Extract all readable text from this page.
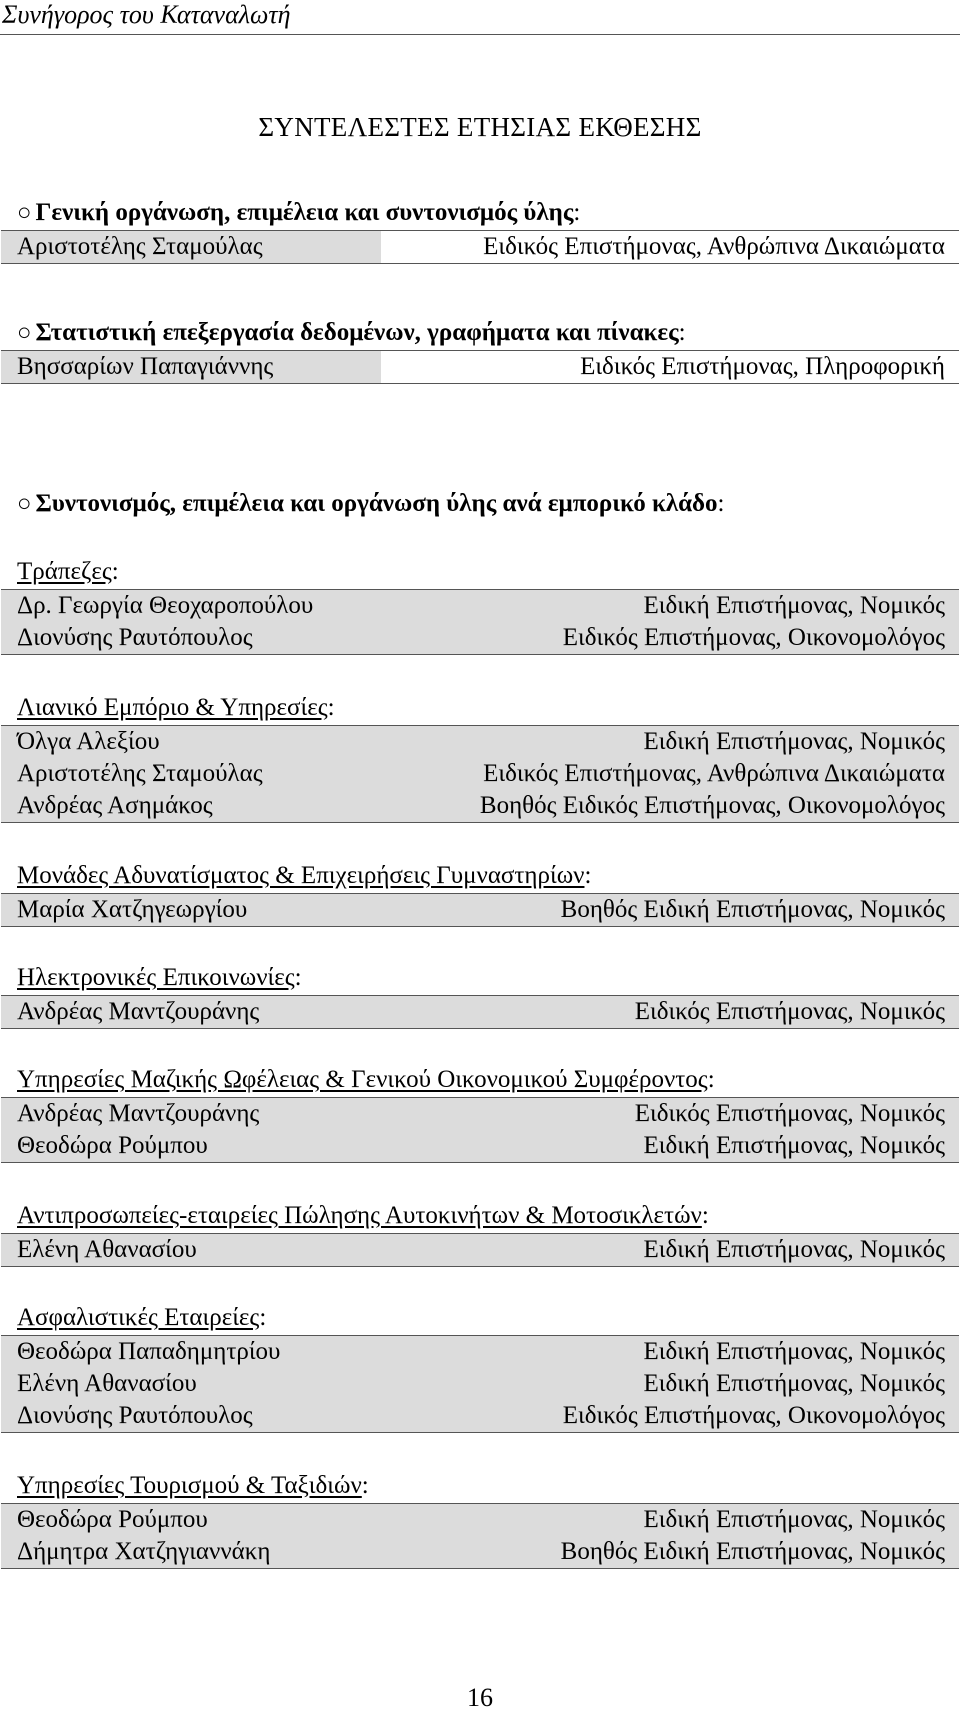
Συνήγορος του Καταναλωτή
ΣΥΝΤΕΛΕΣΤΕΣ ΕΤΗΣΙΑΣ ΕΚΘΕΣΗΣ
○ Γενική οργάνωση, επιμέλεια και συντονισμός ύλης:
Αριστοτέλης Σταμούλας	Ειδικός Επιστήμονας, Ανθρώπινα Δικαιώματα
○ Στατιστική επεξεργασία δεδομένων, γραφήματα και πίνακες:
Βησσαρίων Παπαγιάννης	Ειδικός Επιστήμονας, Πληροφορική
○ Συντονισμός, επιμέλεια και οργάνωση ύλης ανά εμπορικό κλάδο:
Τράπεζες:
Δρ. Γεωργία Θεοχαροπούλου	Ειδική Επιστήμονας, Νομικός
Διονύσης Ραυτόπουλος	Ειδικός Επιστήμονας, Οικονομολόγος
Λιανικό Εμπόριο & Υπηρεσίες:
Όλγα Αλεξίου	Ειδική Επιστήμονας, Νομικός
Αριστοτέλης Σταμούλας	Ειδικός Επιστήμονας, Ανθρώπινα Δικαιώματα
Ανδρέας Ασημάκος	Βοηθός Ειδικός Επιστήμονας, Οικονομολόγος
Μονάδες Αδυνατίσματος & Επιχειρήσεις Γυμναστηρίων:
Μαρία Χατζηγεωργίου	Βοηθός Ειδική Επιστήμονας, Νομικός
Ηλεκτρονικές Επικοινωνίες:
Ανδρέας Μαντζουράνης	Ειδικός Επιστήμονας, Νομικός
Υπηρεσίες Μαζικής Ωφέλειας & Γενικού Οικονομικού Συμφέροντος:
Ανδρέας Μαντζουράνης	Ειδικός Επιστήμονας, Νομικός
Θεοδώρα Ρούμπου	Ειδική Επιστήμονας, Νομικός
Αντιπροσωπείες-εταιρείες Πώλησης Αυτοκινήτων & Μοτοσικλετών:
Ελένη Αθανασίου	Ειδική Επιστήμονας, Νομικός
Ασφαλιστικές Εταιρείες:
Θεοδώρα Παπαδημητρίου	Ειδική Επιστήμονας, Νομικός
Ελένη Αθανασίου	Ειδική Επιστήμονας, Νομικός
Διονύσης Ραυτόπουλος	Ειδικός Επιστήμονας, Οικονομολόγος
Υπηρεσίες Τουρισμού & Ταξιδιών:
Θεοδώρα Ρούμπου	Ειδική Επιστήμονας, Νομικός
Δήμητρα Χατζηγιαννάκη	Βοηθός Ειδική Επιστήμονας, Νομικός
16
